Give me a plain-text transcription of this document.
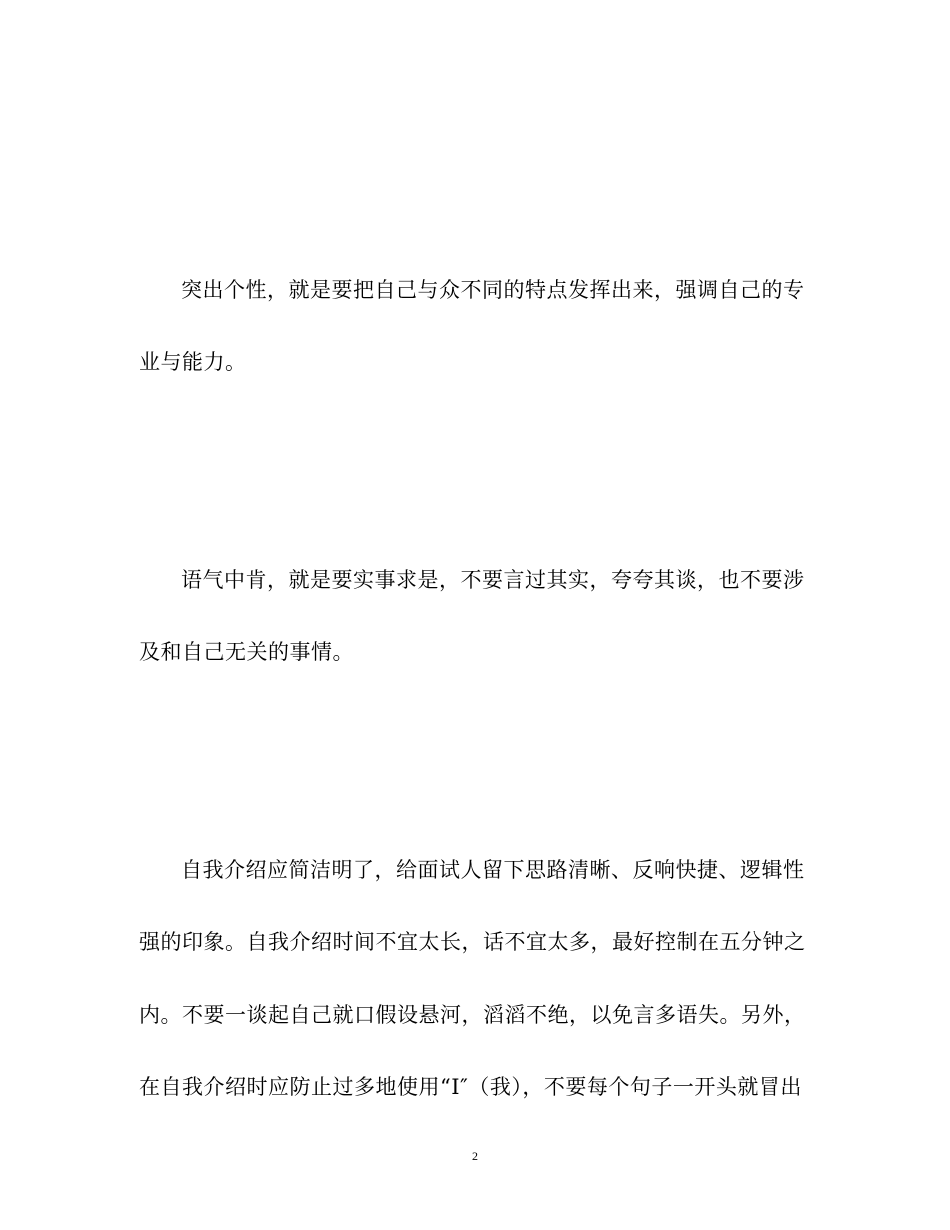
突出个性，就是要把自己与众不同的特点发挥出来，强调自己的专
业与能力。
语气中肯，就是要实事求是，不要言过其实，夸夸其谈，也不要涉
及和自己无关的事情。
自我介绍应简洁明了，给面试人留下思路清晰、反响快捷、逻辑性
强的印象。自我介绍时间不宜太长，话不宜太多，最好控制在五分钟之
内。不要一谈起自己就口假设悬河，滔滔不绝，以免言多语失。另外，
在自我介绍时应防止过多地使用“I″（我），不要每个句子一开头就冒出
2
